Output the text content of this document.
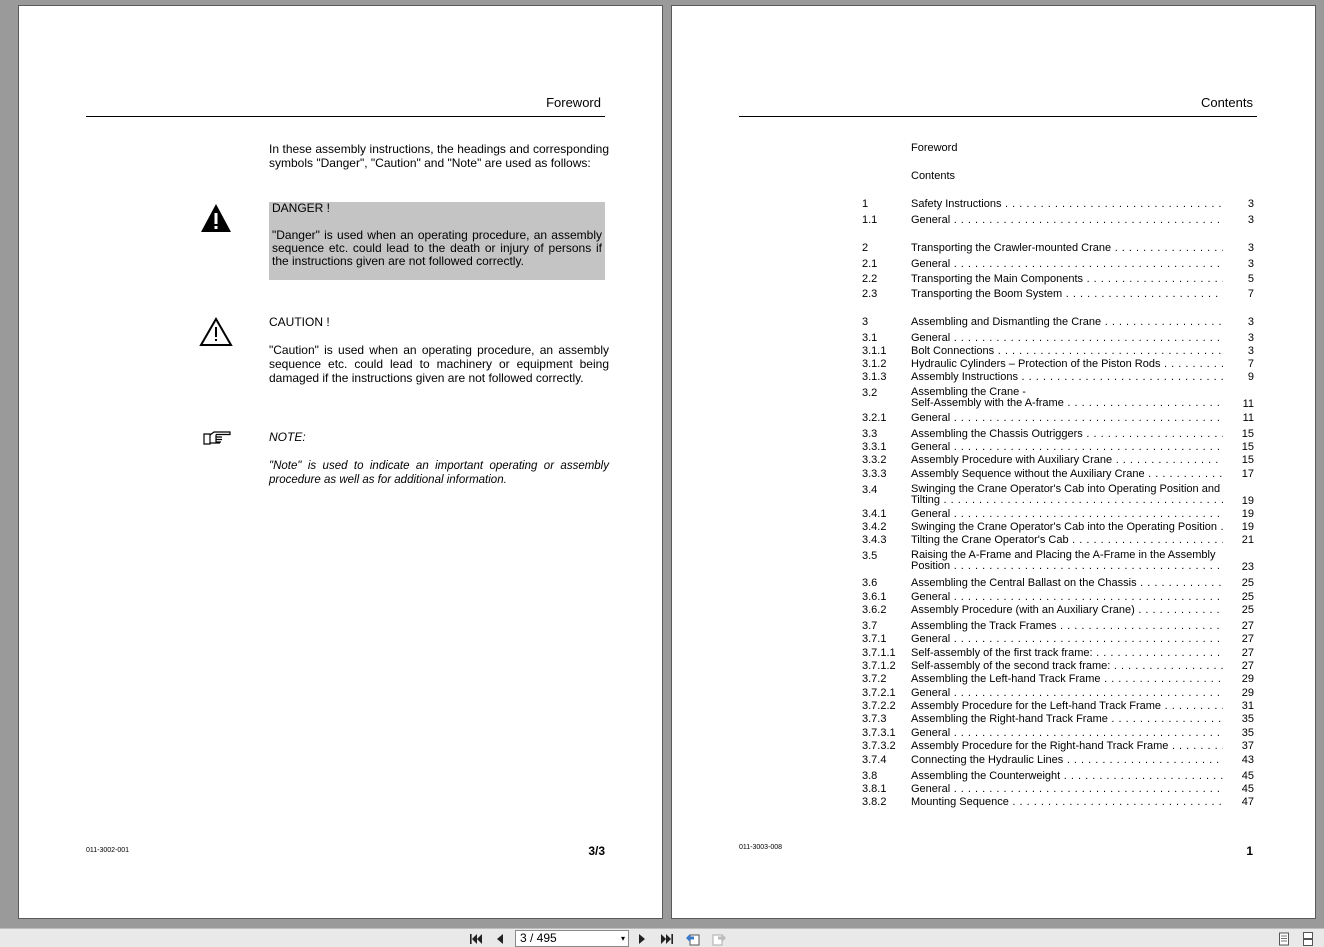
Foreword
In these assembly instructions, the headings and corresponding symbols "Danger", "Caution" and "Note" are used as follows:
DANGER !
"Danger" is used when an operating procedure, an assembly sequence etc. could lead to the death or injury of persons if the instructions given are not followed correctly.
CAUTION !
"Caution" is used when an operating procedure, an assembly sequence etc. could lead to machinery or equipment being damaged if the instructions given are not followed correctly.
NOTE:
"Note" is used to indicate an important operating or assembly procedure as well as for additional information.
011-3002-001	3/3
Contents
Foreword
Contents
1	Safety Instructions . . .	3
1.1	General . . .	3
2	Transporting the Crawler-mounted Crane . . .	3
2.1	General . . .	3
2.2	Transporting the Main Components . . .	5
2.3	Transporting the Boom System . . .	7
3	Assembling and Dismantling the Crane . . .	3
3.1	General . . .	3
3.1.1	Bolt Connections . . .	3
3.1.2	Hydraulic Cylinders – Protection of the Piston Rods . . .	7
3.1.3	Assembly Instructions . . .	9
3.2	Assembling the Crane -
Self-Assembly with the A-frame . . .	11
3.2.1	General . . .	11
3.3	Assembling the Chassis Outriggers . . .	15
3.3.1	General . . .	15
3.3.2	Assembly Procedure with Auxiliary Crane . . .	15
3.3.3	Assembly Sequence without the Auxiliary Crane . . .	17
3.4	Swinging the Crane Operator's Cab into Operating Position and
Tilting . . .	19
3.4.1	General . . .	19
3.4.2	Swinging the Crane Operator's Cab into the Operating Position . . .	19
3.4.3	Tilting the Crane Operator's Cab . . .	21
3.5	Raising the A-Frame and Placing the A-Frame in the Assembly
Position . . .	23
3.6	Assembling the Central Ballast on the Chassis . . .	25
3.6.1	General . . .	25
3.6.2	Assembly Procedure (with an Auxiliary Crane) . . .	25
3.7	Assembling the Track Frames . . .	27
3.7.1	General . . .	27
3.7.1.1	Self-assembly of the first track frame: . . .	27
3.7.1.2	Self-assembly of the second track frame: . . .	27
3.7.2	Assembling the Left-hand Track Frame . . .	29
3.7.2.1	General . . .	29
3.7.2.2	Assembly Procedure for the Left-hand Track Frame . . .	31
3.7.3	Assembling the Right-hand Track Frame . . .	35
3.7.3.1	General . . .	35
3.7.3.2	Assembly Procedure for the Right-hand Track Frame . . .	37
3.7.4	Connecting the Hydraulic Lines . . .	43
3.8	Assembling the Counterweight . . .	45
3.8.1	General . . .	45
3.8.2	Mounting Sequence . . .	47
011-3003-008	1
3 / 495	▾
